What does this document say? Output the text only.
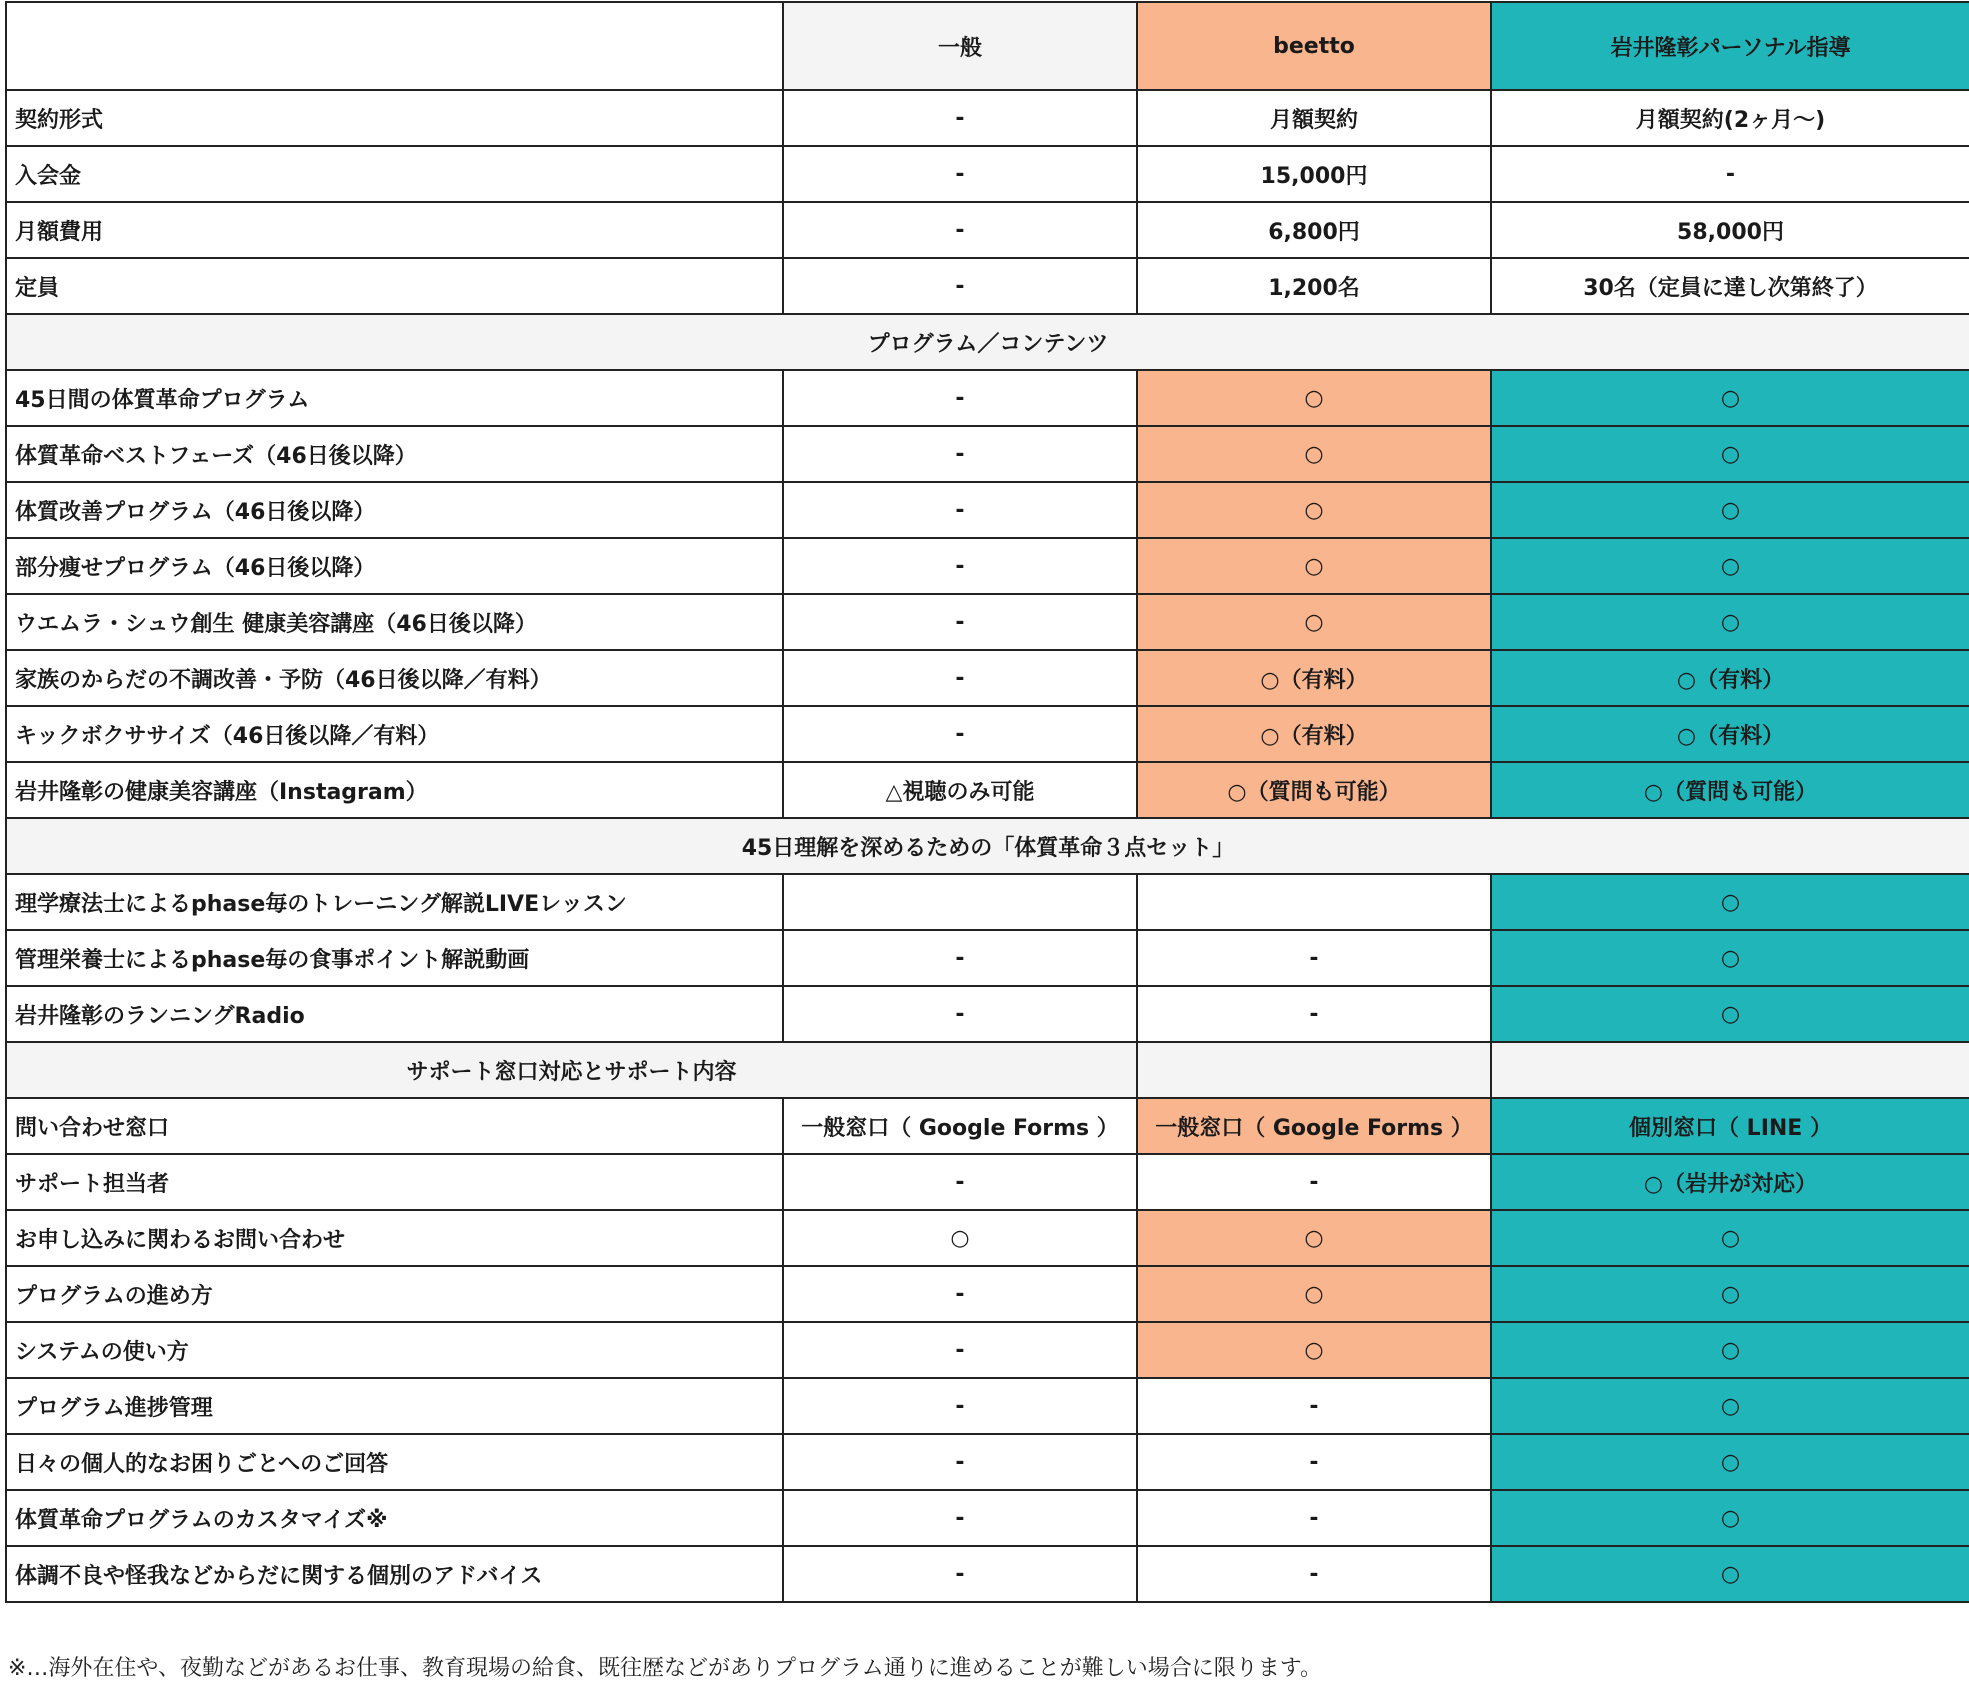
	一般	beetto	岩井隆彰パーソナル指導
契約形式	-	月額契約	月額契約(2ヶ月〜)
入会金	-	15,000円	-
月額費用	-	6,800円	58,000円
定員	-	1,200名	30名（定員に達し次第終了）
プログラム／コンテンツ			
45日間の体質革命プログラム	-	○	○
体質革命ベストフェーズ（46日後以降）	-	○	○
体質改善プログラム（46日後以降）	-	○	○
部分痩せプログラム（46日後以降）	-	○	○
ウエムラ・シュウ創生 健康美容講座（46日後以降）	-	○	○
家族のからだの不調改善・予防（46日後以降／有料）	-	○（有料）	○（有料）
キックボクササイズ（46日後以降／有料）	-	○（有料）	○（有料）
岩井隆彰の健康美容講座（Instagram）	△視聴のみ可能	○（質問も可能）	○（質問も可能）
45日理解を深めるための「体質革命３点セット」			
理学療法士によるphase毎のトレーニング解説LIVEレッスン			○
管理栄養士によるphase毎の食事ポイント解説動画	-	-	○
岩井隆彰のランニングRadio	-	-	○
サポート窓口対応とサポート内容			
問い合わせ窓口	一般窓口（ Google Forms ）	一般窓口（ Google Forms ）	個別窓口（ LINE ）
サポート担当者	-	-	○（岩井が対応）
お申し込みに関わるお問い合わせ	○	○	○
プログラムの進め方	-	○	○
システムの使い方	-	○	○
プログラム進捗管理	-	-	○
日々の個人的なお困りごとへのご回答	-	-	○
体質革命プログラムのカスタマイズ※	-	-	○
体調不良や怪我などからだに関する個別のアドバイス	-	-	○
※…海外在住や、夜勤などがあるお仕事、教育現場の給食、既往歴などがありプログラム通りに進めることが難しい場合に限ります。
